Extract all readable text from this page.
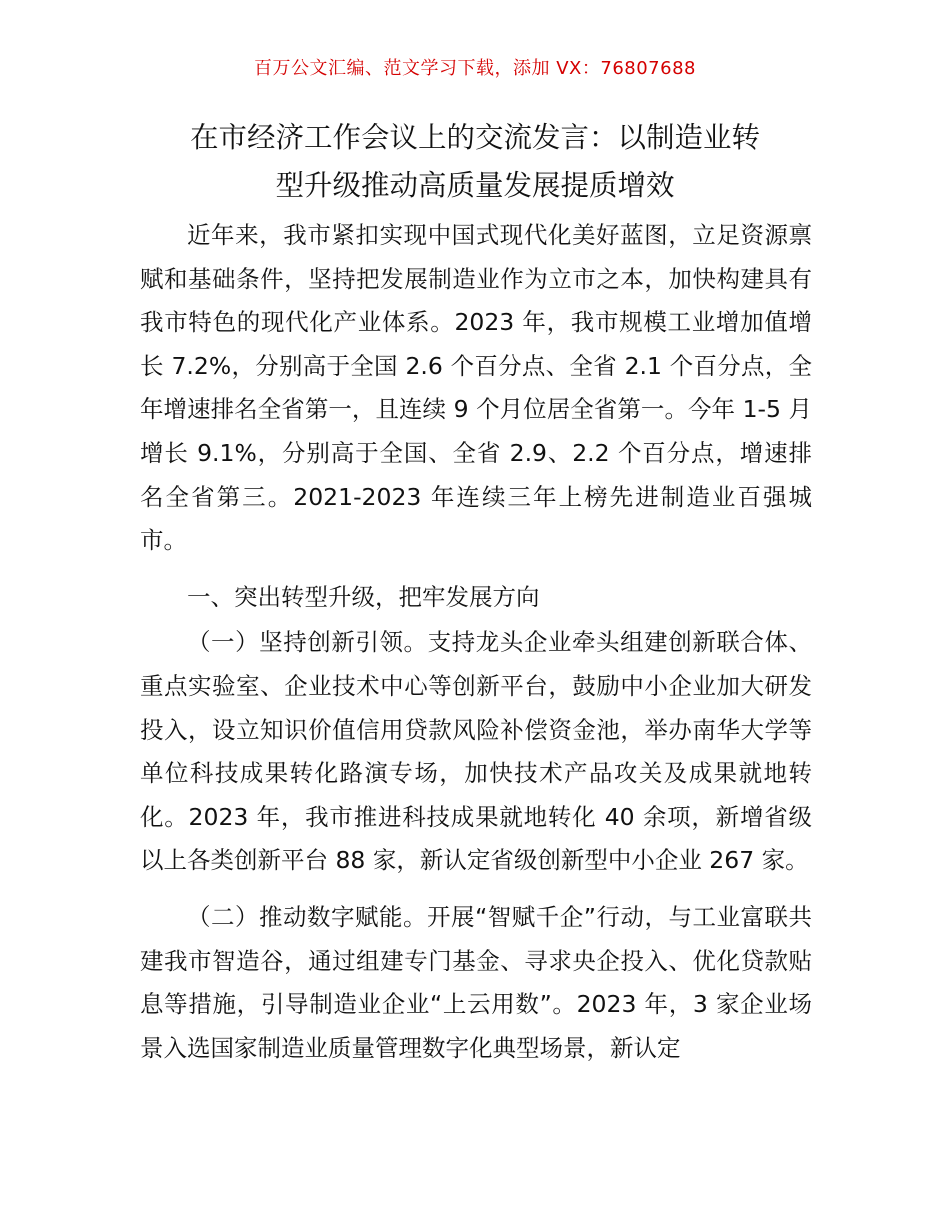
百万公文汇编、范文学习下载，添加 VX：76807688
在市经济工作会议上的交流发言：以制造业转
型升级推动高质量发展提质增效

近年来，我市紧扣实现中国式现代化美好蓝图，立足资源禀赋和基础条件，坚持把发展制造业作为立市之本，加快构建具有我市特色的现代化产业体系。2023 年，我市规模工业增加值增长 7.2%，分别高于全国 2.6 个百分点、全省 2.1 个百分点，全年增速排名全省第一，且连续 9 个月位居全省第一。今年 1-5 月增长 9.1%，分别高于全国、全省 2.9、2.2 个百分点，增速排名全省第三。2021-2023 年连续三年上榜先进制造业百强城市。

一、突出转型升级，把牢发展方向

（一）坚持创新引领。支持龙头企业牵头组建创新联合体、重点实验室、企业技术中心等创新平台，鼓励中小企业加大研发投入，设立知识价值信用贷款风险补偿资金池，举办南华大学等单位科技成果转化路演专场，加快技术产品攻关及成果就地转化。2023 年，我市推进科技成果就地转化 40 余项，新增省级以上各类创新平台 88 家，新认定省级创新型中小企业 267 家。

（二）推动数字赋能。开展“智赋千企”行动，与工业富联共建我市智造谷，通过组建专门基金、寻求央企投入、优化贷款贴息等措施，引导制造业企业“上云用数”。2023 年，3 家企业场景入选国家制造业质量管理数字化典型场景，新认定
